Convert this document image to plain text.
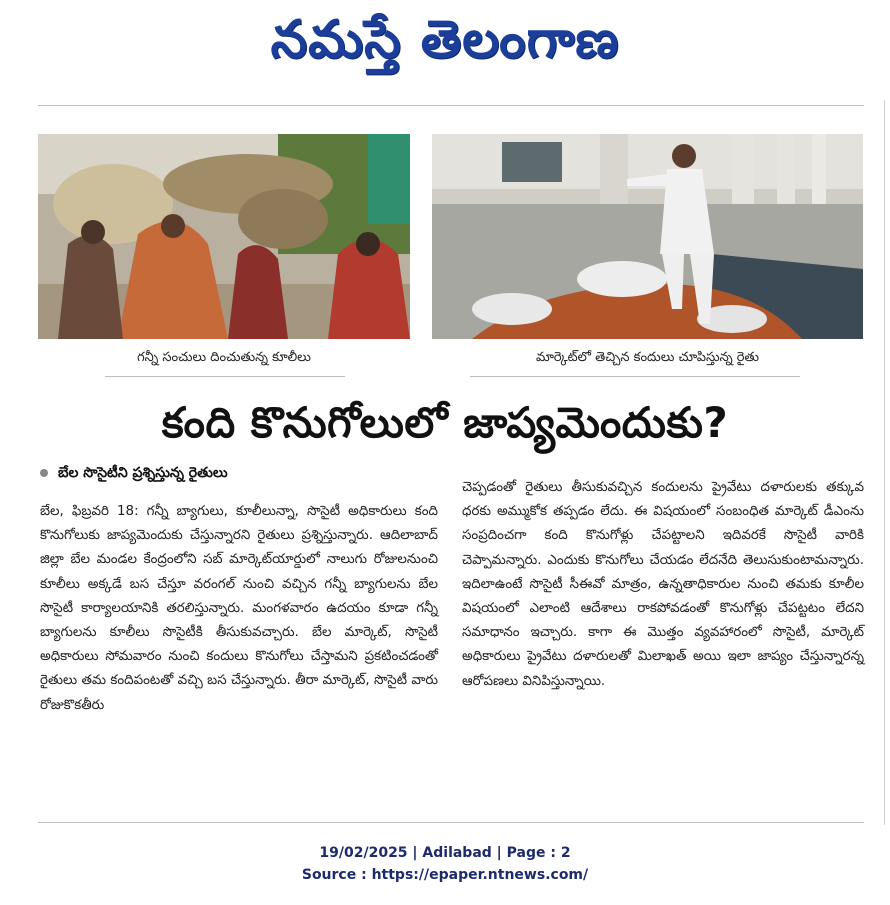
నమస్తే తెలంగాణ
గన్నీ సంచులు దించుతున్న కూలీలు	మార్కెట్‌లో తెచ్చిన కందులు చూపిస్తున్న రైతు
కంది కొనుగోలులో జాప్యమెందుకు?
బేల సొసైటీని ప్రశ్నిస్తున్న రైతులు

బేల, ఫిబ్రవరి 18: గన్నీ బ్యాగులు, కూలీలున్నా, సొసైటీ అధికారులు కంది కొనుగోలుకు జాప్యమెందుకు చేస్తున్నారని రైతులు ప్రశ్నిస్తున్నారు. ఆదిలాబాద్ జిల్లా బేల మండల కేంద్రంలోని సబ్ మార్కెట్‌యార్డులో నాలుగు రోజులనుంచి కూలీలు అక్కడే బస చేస్తూ వరంగల్ నుంచి వచ్చిన గన్నీ బ్యాగులను బేల సొసైటీ కార్యాలయానికి తరలిస్తున్నారు. మంగళవారం ఉదయం కూడా గన్నీ బ్యాగులను కూలీలు సొసైటీకి తీసుకువచ్చారు. బేల మార్కెట్, సొసైటీ అధికారులు సోమవారం నుంచి కందులు కొనుగోలు చేస్తామని ప్రకటించడంతో రైతులు తమ కందిపంటతో వచ్చి బస చేస్తున్నారు. తీరా మార్కెట్, సొసైటీ వారు రోజుకొకతీరు

చెప్పడంతో రైతులు తీసుకువచ్చిన కందులను ప్రైవేటు దళారులకు తక్కువ ధరకు అమ్ముకోక తప్పడం లేదు. ఈ విషయంలో సంబంధిత మార్కెట్ డీఎంను సంప్రదించగా కంది కొనుగోళ్లు చేపట్టాలని ఇదివరకే సొసైటీ వారికి చెప్పామన్నారు. ఎందుకు కొనుగోలు చేయడం లేదనేది తెలుసుకుంటామన్నారు. ఇదిలాఉంటే సొసైటీ సీఈవో మాత్రం, ఉన్నతాధికారుల నుంచి తమకు కూలీల విషయంలో ఎలాంటి ఆదేశాలు రాకపోవడంతో కొనుగోళ్లు చేపట్టటం లేదని సమాధానం ఇచ్చారు. కాగా ఈ మొత్తం వ్యవహారంలో సొసైటీ, మార్కెట్ అధికారులు ప్రైవేటు దళారులతో మిలాఖత్ అయి ఇలా జాప్యం చేస్తున్నారన్న ఆరోపణలు వినిపిస్తున్నాయి.

19/02/2025 | Adilabad | Page : 2
Source : https://epaper.ntnews.com/
